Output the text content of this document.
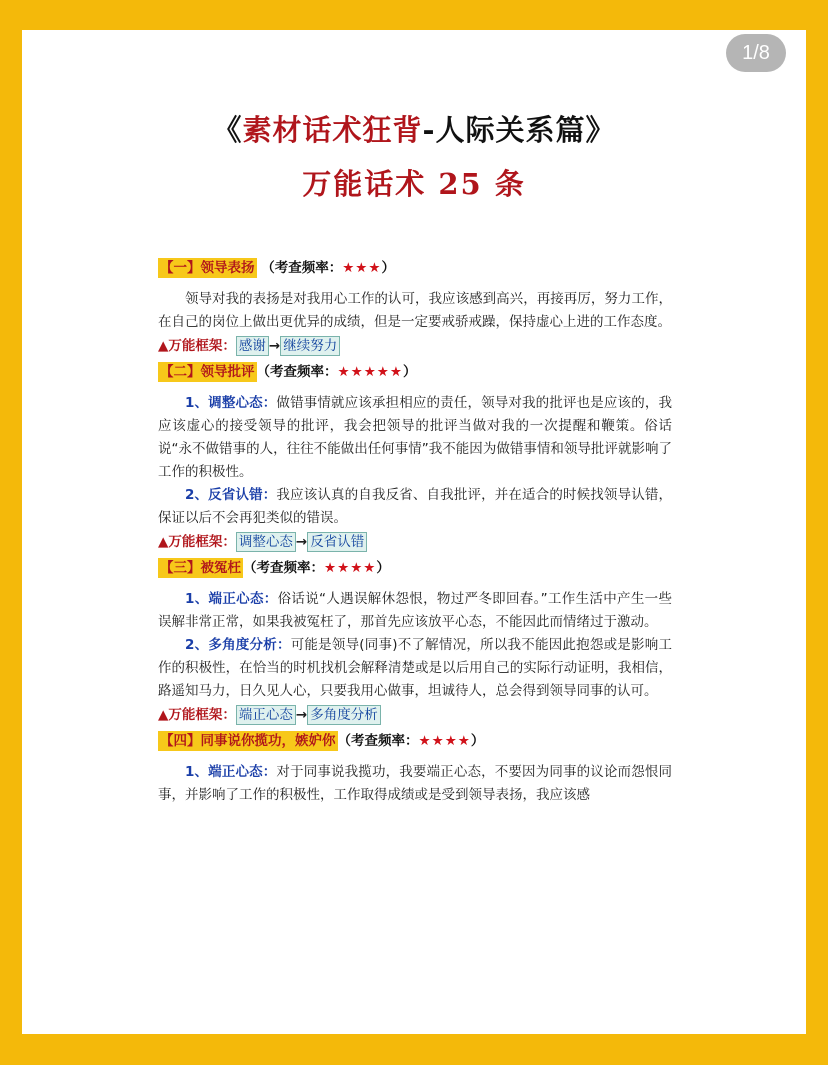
1/8
《素材话术狂背-人际关系篇》
万能话术 25 条
【一】领导表扬 （考查频率：★★★）

领导对我的表扬是对我用心工作的认可，我应该感到高兴，再接再厉，努力工作，在自己的岗位上做出更优异的成绩，但是一定要戒骄戒躁，保持虚心上进的工作态度。

▲万能框架： 感谢 → 继续努力
【二】领导批评 （考查频率：★★★★★）

1、调整心态：做错事情就应该承担相应的责任，领导对我的批评也是应该的，我应该虚心的接受领导的批评，我会把领导的批评当做对我的一次提醒和鞭策。俗话说“永不做错事的人，往往不能做出任何事情”我不能因为做错事情和领导批评就影响了工作的积极性。

2、反省认错：我应该认真的自我反省、自我批评，并在适合的时候找领导认错，保证以后不会再犯类似的错误。

▲万能框架： 调整心态 → 反省认错
【三】被冤枉 （考查频率：★★★★）

1、端正心态：俗话说“人遇误解休怨恨，物过严冬即回春。”工作生活中产生一些误解非常正常，如果我被冤枉了，那首先应该放平心态，不能因此而情绪过于激动。

2、多角度分析：可能是领导(同事)不了解情况，所以我不能因此抱怨或是影响工作的积极性，在恰当的时机找机会解释清楚或是以后用自己的实际行动证明，我相信，路遥知马力，日久见人心，只要我用心做事，坦诚待人，总会得到领导同事的认可。

▲万能框架： 端正心态 → 多角度分析
【四】同事说你揽功，嫉妒你 （考查频率：★★★★）

1、端正心态：对于同事说我揽功，我要端正心态，不要因为同事的议论而怨恨同事，并影响了工作的积极性，工作取得成绩或是受到领导表扬，我应该感
